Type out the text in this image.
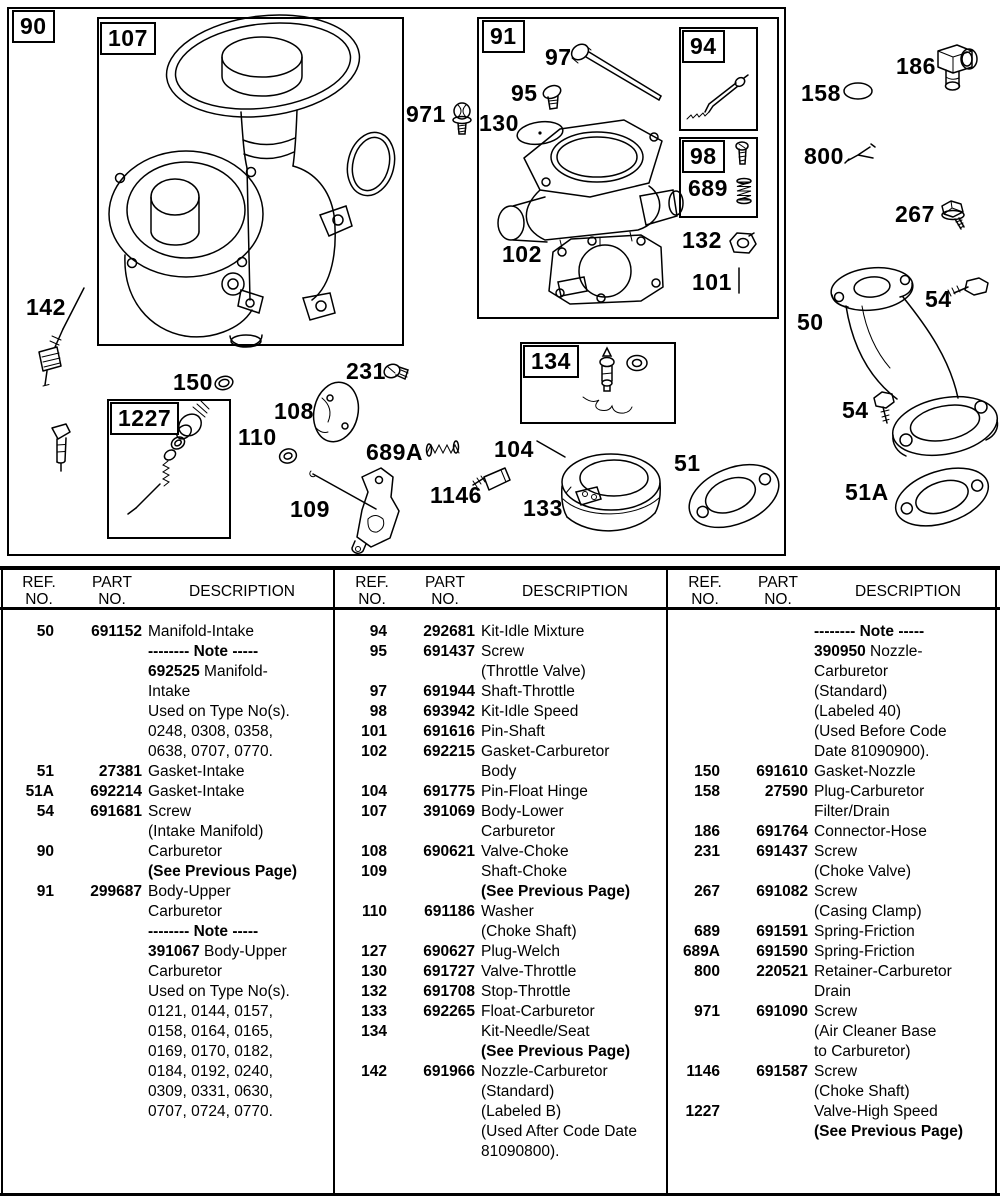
90	107	91	94
98
134
1227
971
97
95
130
102
689
132
101
186
158
800
267
54
50
54
51A
51
142
150	231
108
110
689A	104
1146
109	133
REF.
NO.
PART
NO.	DESCRIPTION
REF.
NO.
PART
NO.	DESCRIPTION
REF.
NO.
PART
NO.	DESCRIPTION
50	691152 Manifold-Intake
-------- Note -----
692525 Manifold-
Intake
Used on Type No(s).
0248, 0308, 0358,
0638, 0707, 0770.
51	27381 Gasket-Intake
51A	692214 Gasket-Intake
54	691681 Screw
(Intake Manifold)
90	Carburetor
(See Previous Page)
91	299687 Body-Upper
Carburetor
-------- Note -----
391067 Body-Upper
Carburetor
Used on Type No(s).
0121, 0144, 0157,
0158, 0164, 0165,
0169, 0170, 0182,
0184, 0192, 0240,
0309, 0331, 0630,
0707, 0724, 0770.
94	292681 Kit-Idle Mixture
95	691437 Screw
(Throttle Valve)
97	691944 Shaft-Throttle
98	693942 Kit-Idle Speed
101	691616 Pin-Shaft
102	692215 Gasket-Carburetor
Body
104	691775 Pin-Float Hinge
107	391069 Body-Lower
Carburetor
108	690621 Valve-Choke
109	Shaft-Choke
(See Previous Page)
110	691186 Washer
(Choke Shaft)
127	690627 Plug-Welch
130	691727 Valve-Throttle
132	691708 Stop-Throttle
133	692265 Float-Carburetor
134	Kit-Needle/Seat
(See Previous Page)
142	691966 Nozzle-Carburetor
(Standard)
(Labeled B)
(Used After Code Date
81090800).
-------- Note -----
390950 Nozzle-
Carburetor
(Standard)
(Labeled 40)
(Used Before Code
Date 81090900).
150	691610 Gasket-Nozzle
158	27590 Plug-Carburetor
Filter/Drain
186	691764 Connector-Hose
231	691437 Screw
(Choke Valve)
267	691082 Screw
(Casing Clamp)
689	691591 Spring-Friction
689A	691590 Spring-Friction
800	220521 Retainer-Carburetor
Drain
971	691090 Screw
(Air Cleaner Base
to Carburetor)
1146	691587 Screw
(Choke Shaft)
1227	Valve-High Speed
(See Previous Page)
